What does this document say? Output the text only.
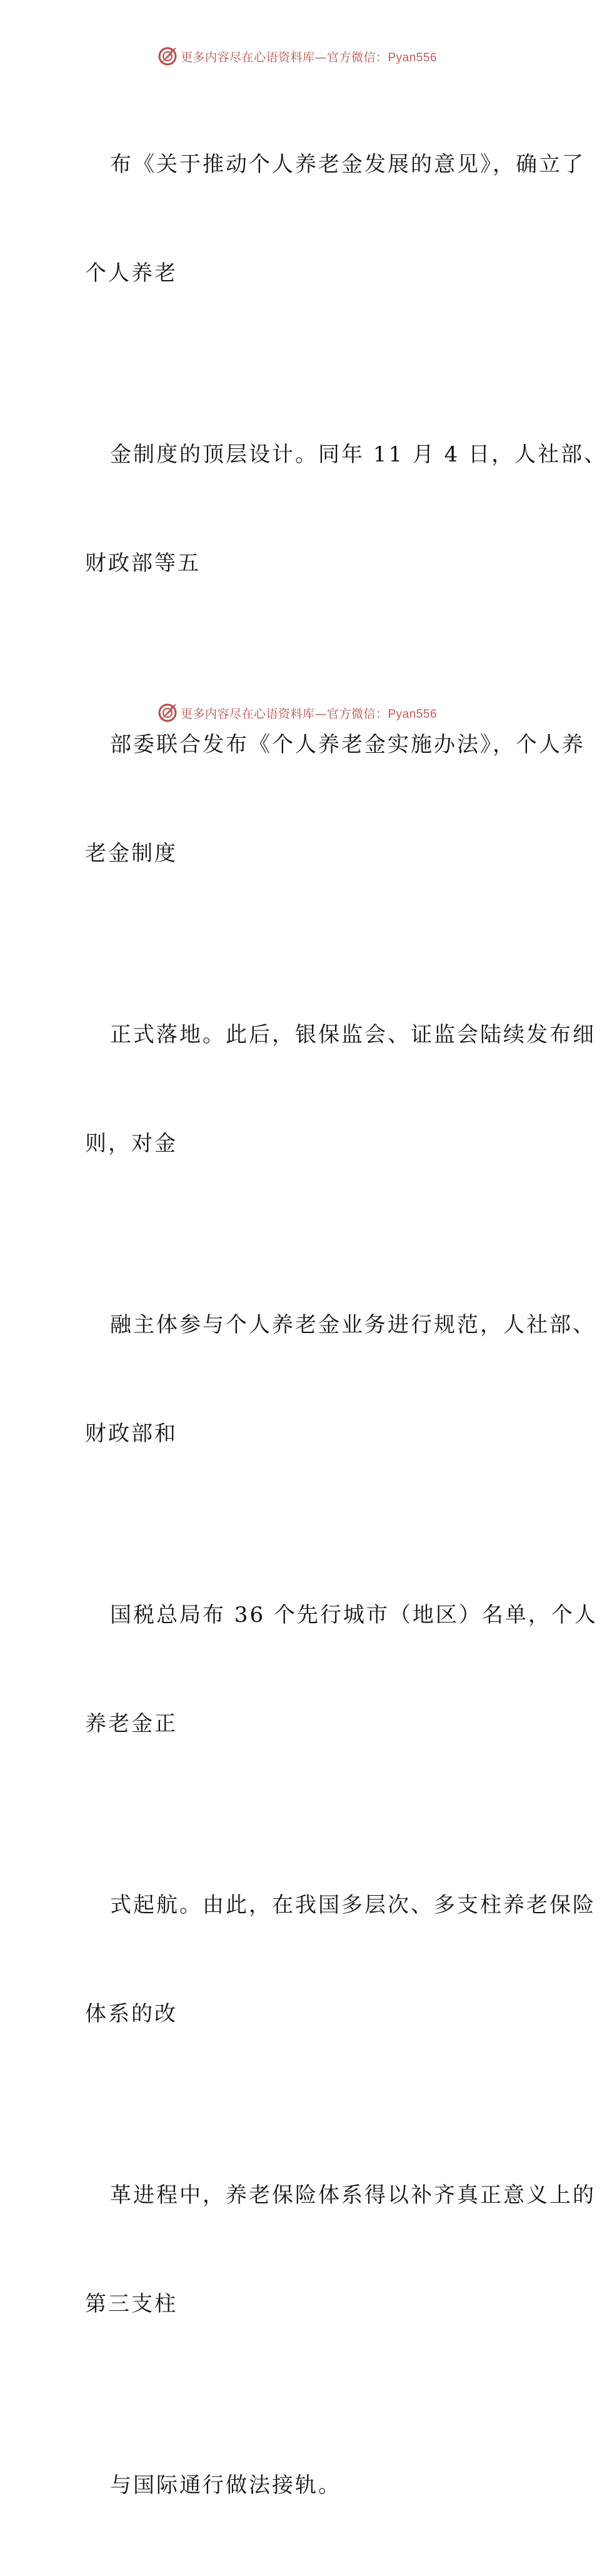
更多内容尽在心语资料库—官方微信：Pyan556

布《关于推动个人养老金发展的意见》，确立了

个人养老

金制度的顶层设计。同年 11 月 4 日，人社部、

财政部等五

部委联合发布《个人养老金实施办法》，个人养

老金制度

正式落地。此后，银保监会、证监会陆续发布细

则，对金

融主体参与个人养老金业务进行规范，人社部、

财政部和

国税总局布 36 个先行城市（地区）名单，个人

养老金正

式起航。由此，在我国多层次、多支柱养老保险

体系的改

革进程中，养老保险体系得以补齐真正意义上的

第三支柱

与国际通行做法接轨。

更多内容尽在心语资料库—官方微信：Pyan556
